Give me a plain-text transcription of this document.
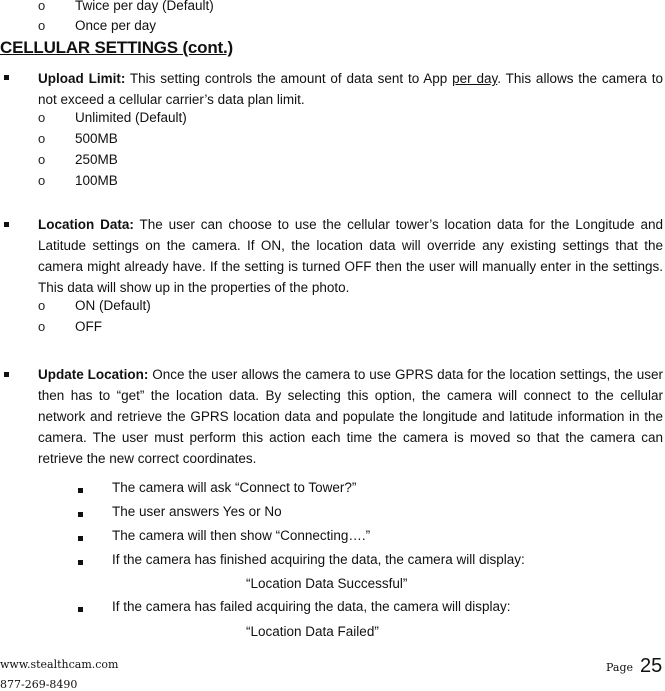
o Twice per day (Default)
o Once per day
CELLULAR SETTINGS (cont.)
Upload Limit: This setting controls the amount of data sent to App per day. This allows the camera to not exceed a cellular carrier’s data plan limit.
o Unlimited (Default)
o 500MB
o 250MB
o 100MB
Location Data: The user can choose to use the cellular tower’s location data for the Longitude and Latitude settings on the camera. If ON, the location data will override any existing settings that the camera might already have. If the setting is turned OFF then the user will manually enter in the settings. This data will show up in the properties of the photo.
o ON (Default)
o OFF
Update Location: Once the user allows the camera to use GPRS data for the location settings, the user then has to “get” the location data. By selecting this option, the camera will connect to the cellular network and retrieve the GPRS location data and populate the longitude and latitude information in the camera. The user must perform this action each time the camera is moved so that the camera can retrieve the new correct coordinates.
The camera will ask “Connect to Tower?”
The user answers Yes or No
The camera will then show “Connecting….”
If the camera has finished acquiring the data, the camera will display:
“Location Data Successful”
If the camera has failed acquiring the data, the camera will display:
“Location Data Failed”
www.stealthcam.com
877-269-8490
Page 25
